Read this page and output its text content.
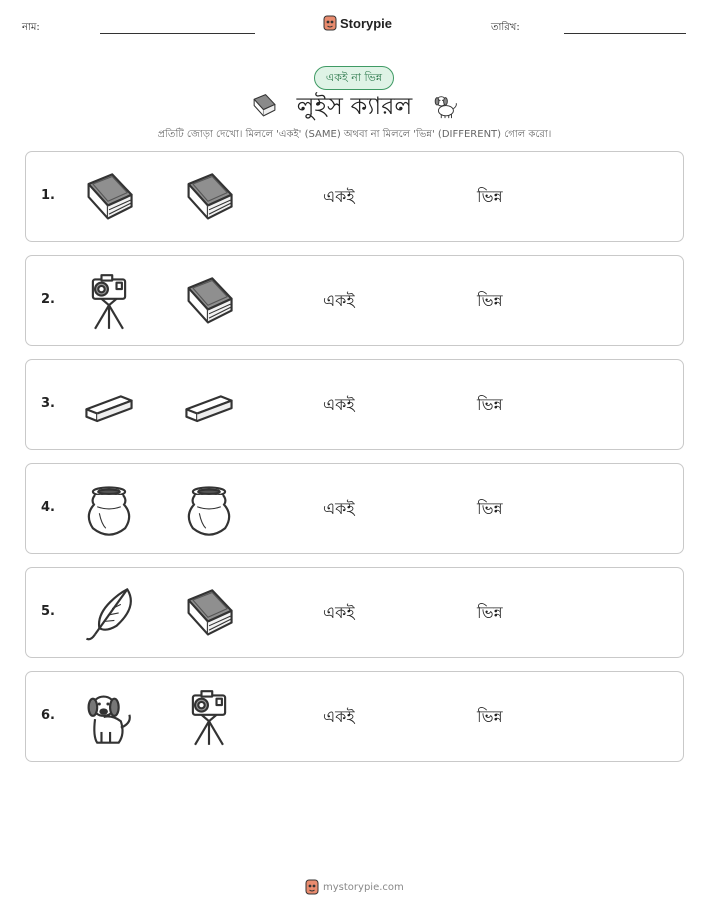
নাম:	Storypie	তারিখ:
একই না ভিন্ন
লুইস ক্যারল
প্রতিটি জোড়া দেখো। মিললে 'একই' (SAME) অথবা না মিললে 'ভিন্ন' (DIFFERENT) গোল করো।
1.	একই	ভিন্ন
2.	একই	ভিন্ন
3.	একই	ভিন্ন
4.	একই	ভিন্ন
5.	একই	ভিন্ন
6.	একই	ভিন্ন
mystorypie.com
